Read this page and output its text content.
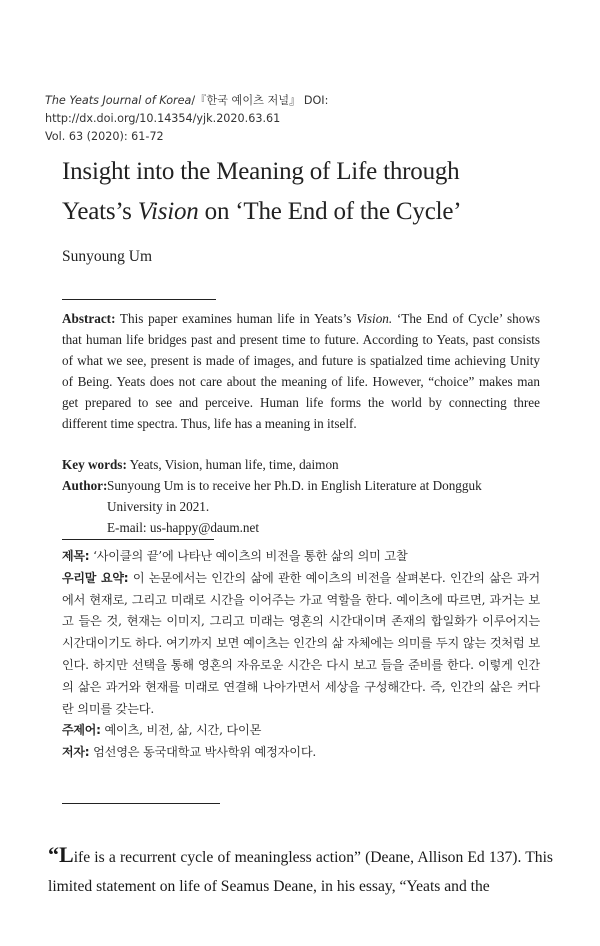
The Yeats Journal of Korea/『한국 예이츠 저널』 DOI: http://dx.doi.org/10.14354/yjk.2020.63.61
Vol. 63 (2020): 61-72
Insight into the Meaning of Life through
Yeats’s Vision on ‘The End of the Cycle’
Sunyoung Um
Abstract: This paper examines human life in Yeats’s Vision. ‘The End of Cycle’ shows that human life bridges past and present time to future. According to Yeats, past consists of what we see, present is made of images, and future is spatialzed time achieving Unity of Being. Yeats does not care about the meaning of life. However, “choice” makes man get prepared to see and perceive. Human life forms the world by connecting three different time spectra. Thus, life has a meaning in itself.
Key words: Yeats, Vision, human life, time, daimon
Author: Sunyoung Um is to receive her Ph.D. in English Literature at Dongguk University in 2021.
E-mail: us-happy@daum.net
제목: ‘사이클의 끝’에 나타난 예이츠의 비전을 통한 삶의 의미 고찰
우리말 요약: 이 논문에서는 인간의 삶에 관한 예이츠의 비전을 살펴본다. 인간의 삶은 과거에서 현재로, 그리고 미래로 시간을 이어주는 가교 역할을 한다. 예이츠에 따르면, 과거는 보고 들은 것, 현재는 이미지, 그리고 미래는 영혼의 시간대이며 존재의 합일화가 이루어지는 시간대이기도 하다. 여기까지 보면 예이츠는 인간의 삶 자체에는 의미를 두지 않는 것처럼 보인다. 하지만 선택을 통해 영혼의 자유로운 시간은 다시 보고 들을 준비를 한다. 이렇게 인간의 삶은 과거와 현재를 미래로 연결해 나아가면서 세상을 구성해간다. 즉, 인간의 삶은 커다란 의미를 갖는다.
주제어: 예이츠, 비전, 삶, 시간, 다이몬
저자: 엄선영은 동국대학교 박사학위 예정자이다.
“Life is a recurrent cycle of meaningless action” (Deane, Allison Ed 137). This limited statement on life of Seamus Deane, in his essay, “Yeats and the
